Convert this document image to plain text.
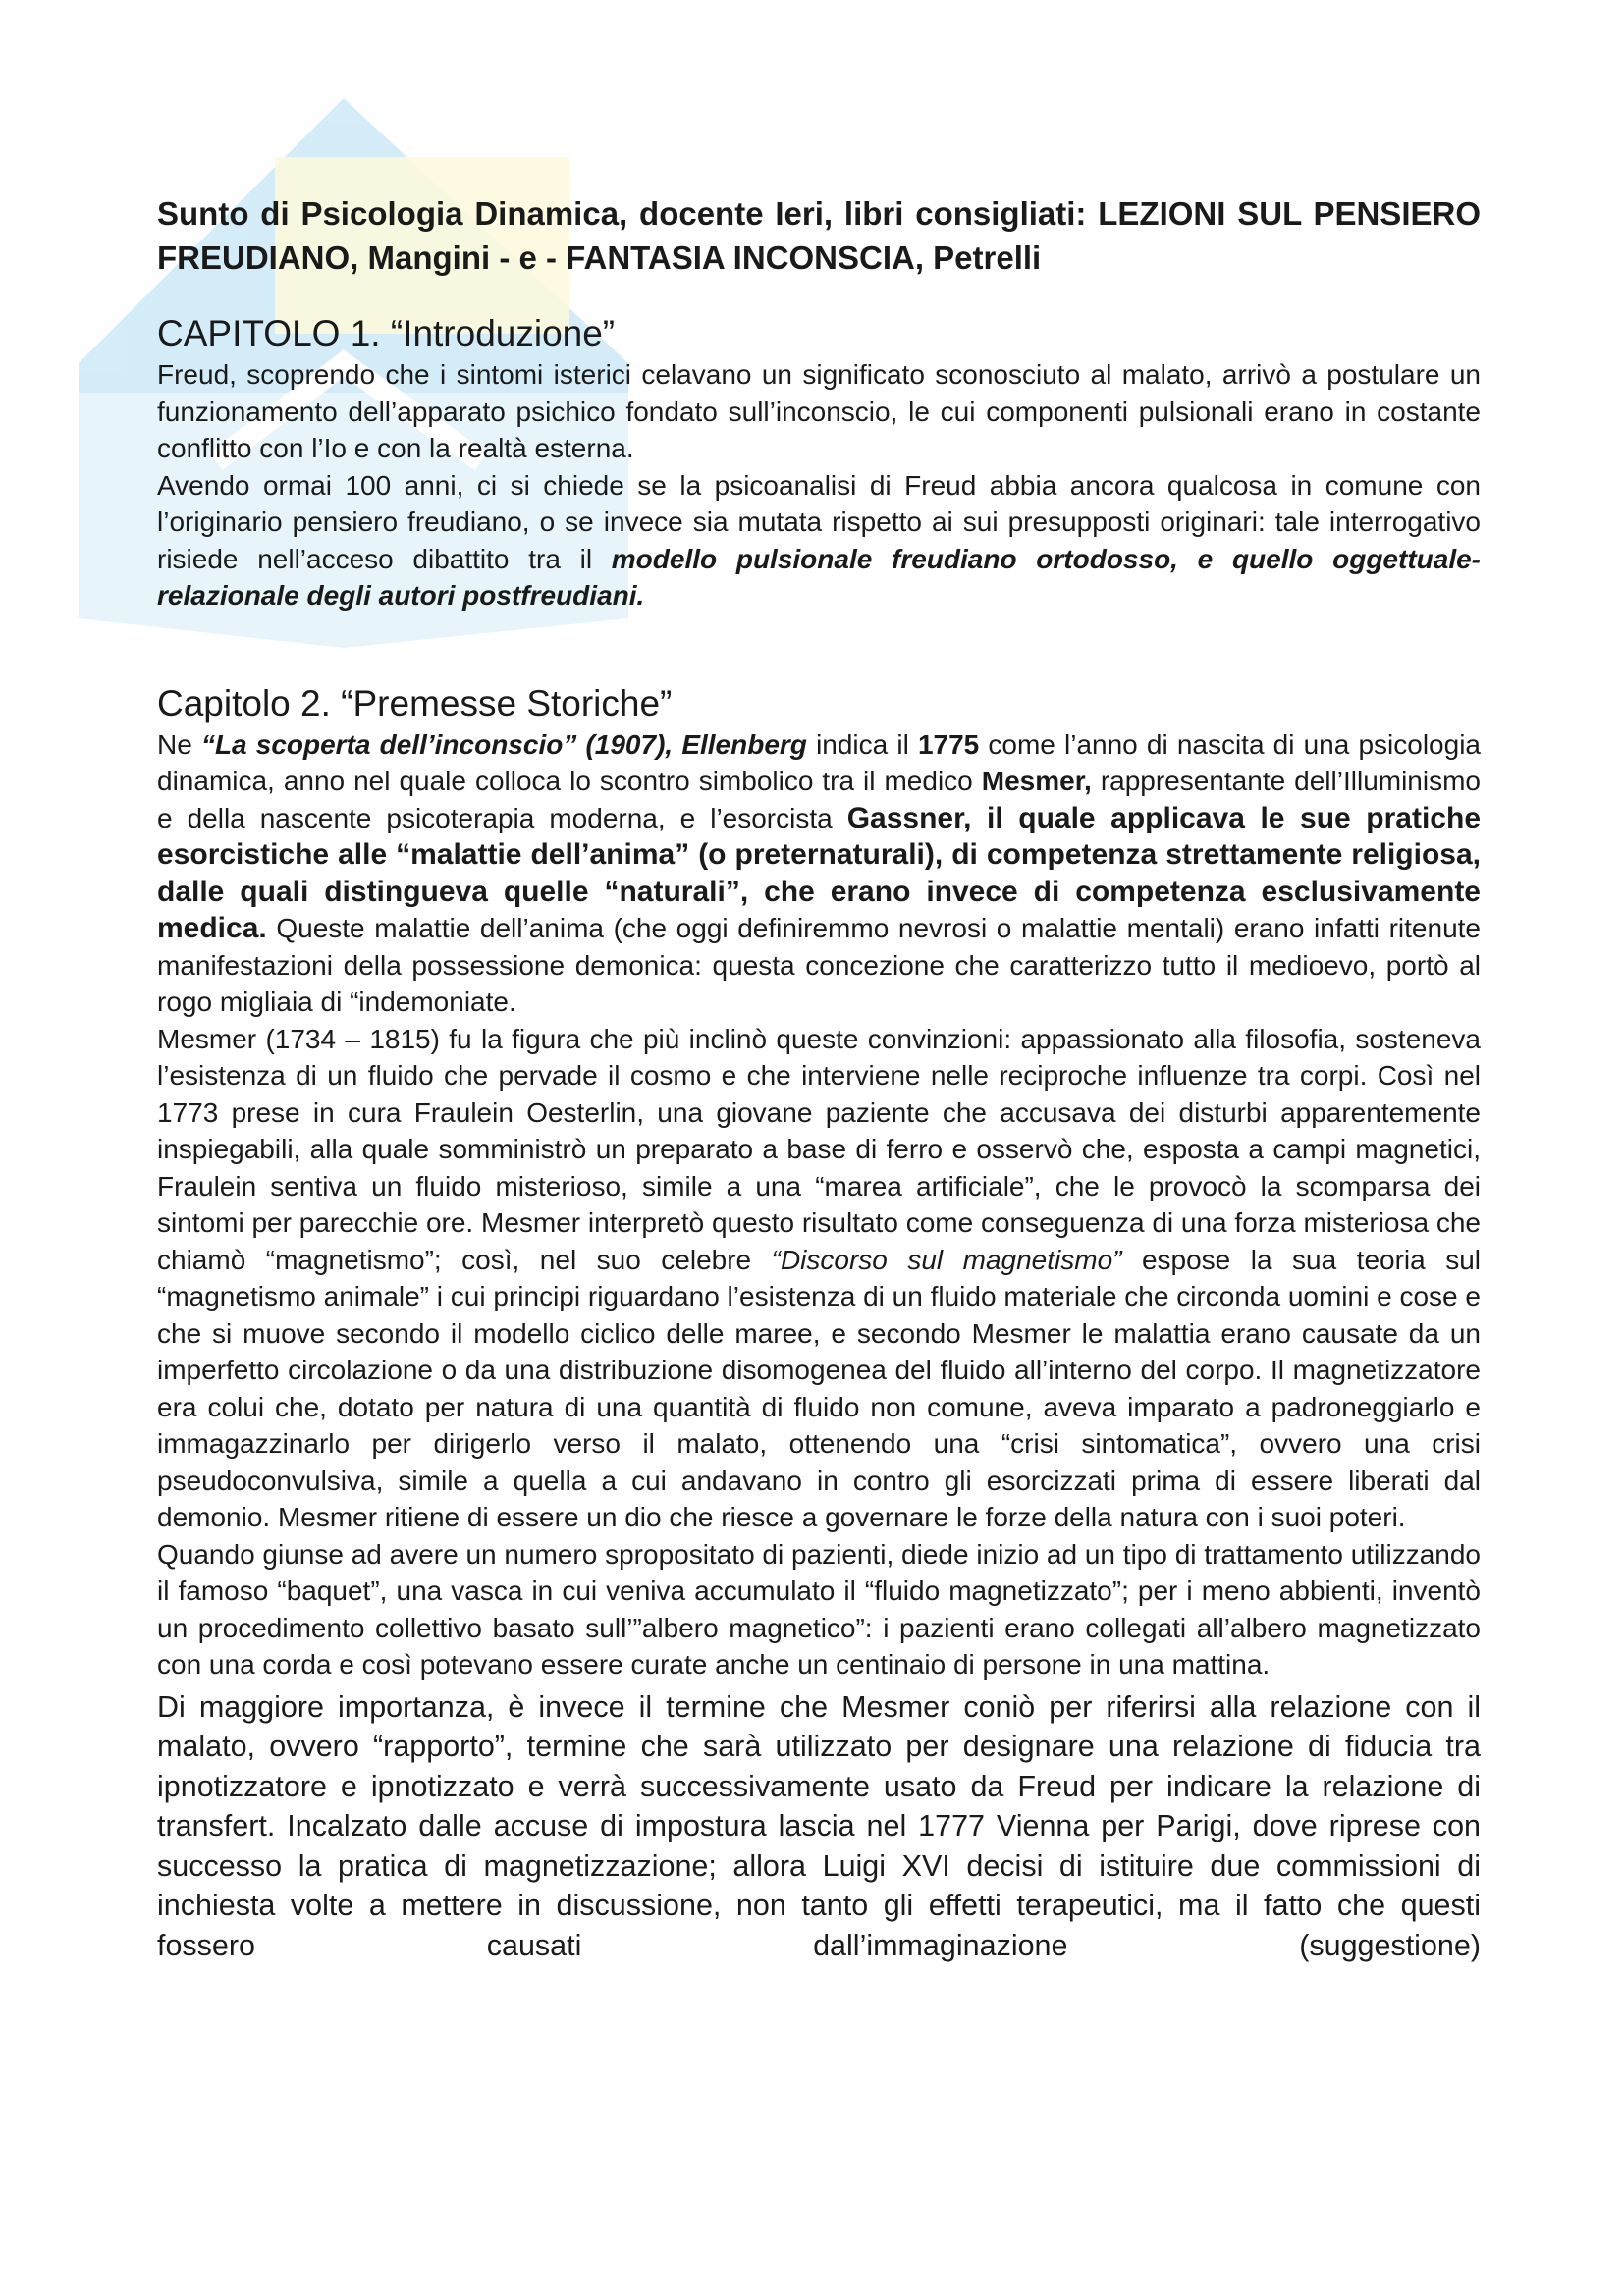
Sunto di Psicologia Dinamica, docente Ieri, libri consigliati: LEZIONI SUL PENSIERO FREUDIANO, Mangini - e - FANTASIA INCONSCIA, Petrelli
CAPITOLO 1. “Introduzione”

Freud, scoprendo che i sintomi isterici celavano un significato sconosciuto al malato, arrivò a postulare un funzionamento dell’apparato psichico fondato sull’inconscio, le cui componenti pulsionali erano in costante conflitto con l’Io e con la realtà esterna.

Avendo ormai 100 anni, ci si chiede se la psicoanalisi di Freud abbia ancora qualcosa in comune con l’originario pensiero freudiano, o se invece sia mutata rispetto ai sui presupposti originari: tale interrogativo risiede nell’acceso dibattito tra il modello pulsionale freudiano ortodosso, e quello oggettuale-relazionale degli autori postfreudiani.

Capitolo 2. “Premesse Storiche”

Ne “La scoperta dell’inconscio” (1907), Ellenberg indica il 1775 come l’anno di nascita di una psicologia dinamica, anno nel quale colloca lo scontro simbolico tra il medico Mesmer, rappresentante dell’Illuminismo e della nascente psicoterapia moderna, e l’esorcista Gassner, il quale applicava le sue pratiche esorcistiche alle “malattie dell’anima” (o preternaturali), di competenza strettamente religiosa, dalle quali distingueva quelle “naturali”, che erano invece di competenza esclusivamente medica. Queste malattie dell’anima (che oggi definiremmo nevrosi o malattie mentali) erano infatti ritenute manifestazioni della possessione demonica: questa concezione che caratterizzo tutto il medioevo, portò al rogo migliaia di “indemoniate.

Mesmer (1734 – 1815) fu la figura che più inclinò queste convinzioni: appassionato alla filosofia, sosteneva l’esistenza di un fluido che pervade il cosmo e che interviene nelle reciproche influenze tra corpi. Così nel 1773 prese in cura Fraulein Oesterlin, una giovane paziente che accusava dei disturbi apparentemente inspiegabili, alla quale somministrò un preparato a base di ferro e osservò che, esposta a campi magnetici, Fraulein sentiva un fluido misterioso, simile a una “marea artificiale”, che le provocò la scomparsa dei sintomi per parecchie ore. Mesmer interpretò questo risultato come conseguenza di una forza misteriosa che chiamò “magnetismo”; così, nel suo celebre “Discorso sul magnetismo” espose la sua teoria sul “magnetismo animale” i cui principi riguardano l’esistenza di un fluido materiale che circonda uomini e cose e che si muove secondo il modello ciclico delle maree, e secondo Mesmer le malattia erano causate da un imperfetto circolazione o da una distribuzione disomogenea del fluido all’interno del corpo. Il magnetizzatore era colui che, dotato per natura di una quantità di fluido non comune, aveva imparato a padroneggiarlo e immagazzinarlo per dirigerlo verso il malato, ottenendo una “crisi sintomatica”, ovvero una crisi pseudoconvulsiva, simile a quella a cui andavano in contro gli esorcizzati prima di essere liberati dal demonio. Mesmer ritiene di essere un dio che riesce a governare le forze della natura con i suoi poteri.

Quando giunse ad avere un numero spropositato di pazienti, diede inizio ad un tipo di trattamento utilizzando il famoso “baquet”, una vasca in cui veniva accumulato il “fluido magnetizzato”; per i meno abbienti, inventò un procedimento collettivo basato sull’”albero magnetico”: i pazienti erano collegati all’albero magnetizzato con una corda e così potevano essere curate anche un centinaio di persone in una mattina.

Di maggiore importanza, è invece il termine che Mesmer coniò per riferirsi alla relazione con il malato, ovvero “rapporto”, termine che sarà utilizzato per designare una relazione di fiducia tra ipnotizzatore e ipnotizzato e verrà successivamente usato da Freud per indicare la relazione di transfert. Incalzato dalle accuse di impostura lascia nel 1777 Vienna per Parigi, dove riprese con successo la pratica di magnetizzazione; allora Luigi XVI decisi di istituire due commissioni di inchiesta volte a mettere in discussione, non tanto gli effetti terapeutici, ma il fatto che questi fossero causati dall’immaginazione (suggestione)
